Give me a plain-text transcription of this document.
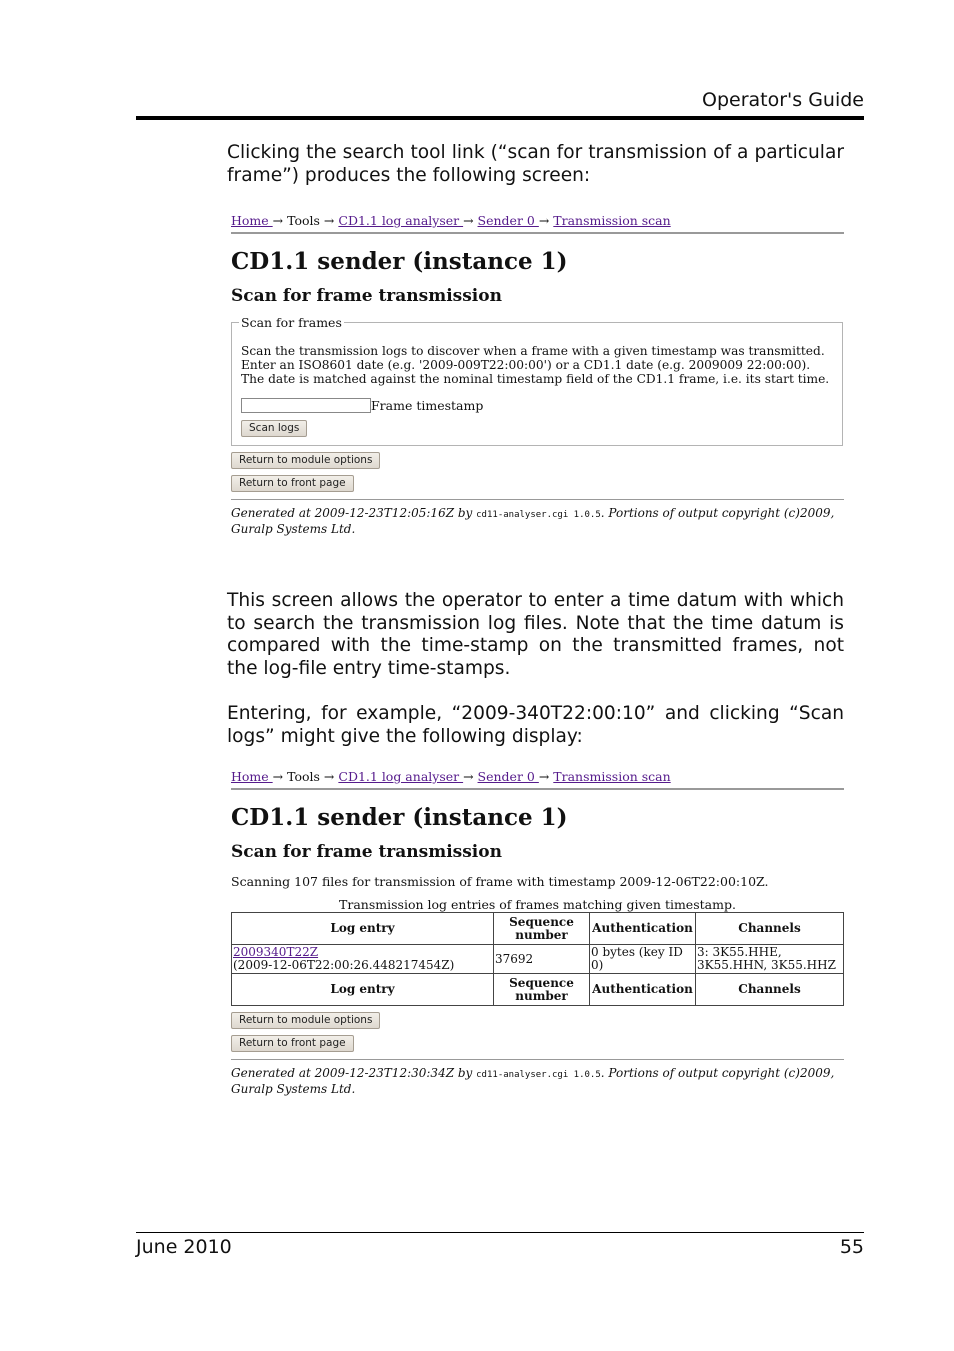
Operator's Guide
Clicking the search tool link (“scan for transmission of a particular frame”) produces the following screen:
Home → Tools → CD1.1 log analyser → Sender 0 → Transmission scan
CD1.1 sender (instance 1)
Scan for frame transmission
Scan for frames
Scan the transmission logs to discover when a frame with a given timestamp was transmitted. Enter an ISO8601 date (e.g. '2009-009T22:00:00') or a CD1.1 date (e.g. 2009009 22:00:00). The date is matched against the nominal timestamp field of the CD1.1 frame, i.e. its start time.
Frame timestamp
Scan logs
Return to module options
Return to front page
Generated at 2009-12-23T12:05:16Z by cd11-analyser.cgi 1.0.5. Portions of output copyright (c)2009, Guralp Systems Ltd.
This screen allows the operator to enter a time datum with which to search the transmission log files. Note that the time datum is compared with the time-stamp on the transmitted frames, not the log-file entry time-stamps.
Entering, for example, “2009-340T22:00:10” and clicking “Scan logs” might give the following display:
Home → Tools → CD1.1 log analyser → Sender 0 → Transmission scan
CD1.1 sender (instance 1)
Scan for frame transmission
Scanning 107 files for transmission of frame with timestamp 2009-12-06T22:00:10Z.
Transmission log entries of frames matching given timestamp.
Log entry	Sequence number	Authentication	Channels
2009340T22Z
(2009-12-06T22:00:26.448217454Z)	37692	0 bytes (key ID 0)	3: 3K55.HHE, 3K55.HHN, 3K55.HHZ
Log entry	Sequence number	Authentication	Channels
Return to module options
Return to front page
Generated at 2009-12-23T12:30:34Z by cd11-analyser.cgi 1.0.5. Portions of output copyright (c)2009, Guralp Systems Ltd.
June 2010	55
